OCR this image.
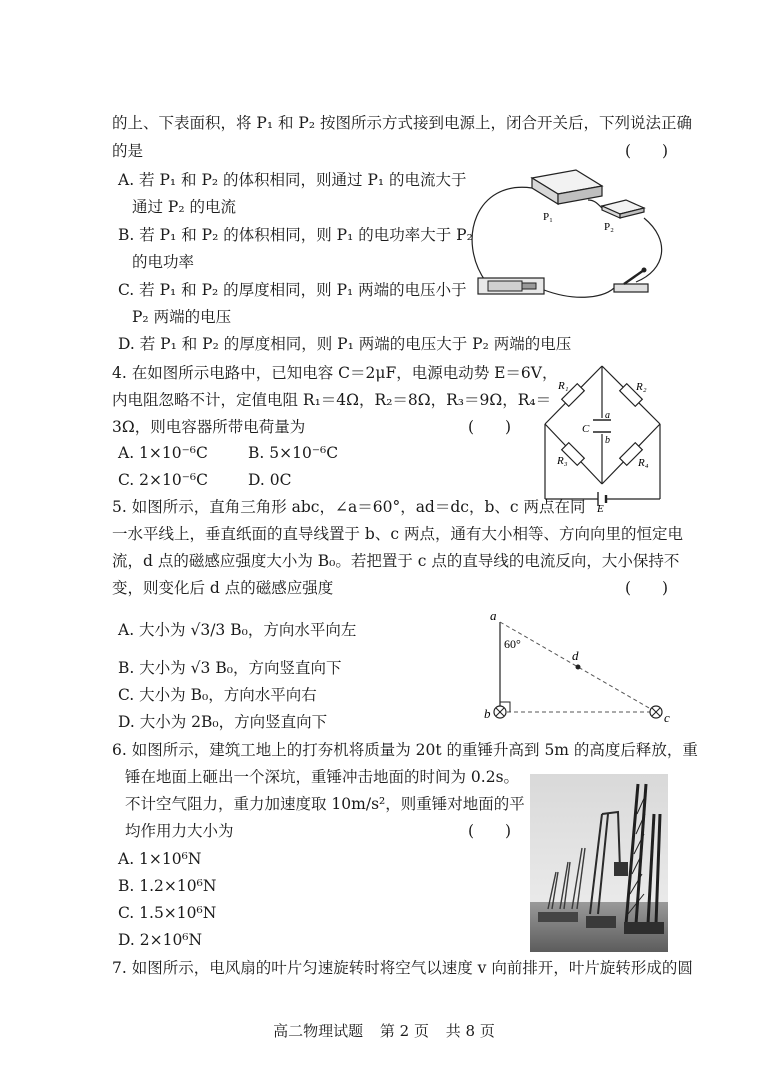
的上、下表面积，将 P₁ 和 P₂ 按图所示方式接到电源上，闭合开关后，下列说法正确
的是	(　　)
A. 若 P₁ 和 P₂ 的体积相同，则通过 P₁ 的电流大于
通过 P₂ 的电流
B. 若 P₁ 和 P₂ 的体积相同，则 P₁ 的电功率大于 P₂
的电功率
C. 若 P₁ 和 P₂ 的厚度相同，则 P₁ 两端的电压小于
P₂ 两端的电压
D. 若 P₁ 和 P₂ 的厚度相同，则 P₁ 两端的电压大于 P₂ 两端的电压
P₁
P₂
4. 在如图所示电路中，已知电容 C＝2μF，电源电动势 E＝6V，
内电阻忽略不计，定值电阻 R₁＝4Ω，R₂＝8Ω，R₃＝9Ω，R₄＝
3Ω，则电容器所带电荷量为	(　　)
A. 1×10⁻⁶C	B. 5×10⁻⁶C
C. 2×10⁻⁶C	D. 0C
R₁	R₂
R₃	R₄
C
a
b
E
5. 如图所示，直角三角形 abc，∠a＝60°，ad＝dc，b、c 两点在同
一水平线上，垂直纸面的直导线置于 b、c 两点，通有大小相等、方向向里的恒定电
流，d 点的磁感应强度大小为 B₀。若把置于 c 点的直导线的电流反向，大小保持不
变，则变化后 d 点的磁感应强度	(　　)
A. 大小为 √3/3 B₀，方向水平向左
B. 大小为 √3 B₀，方向竖直向下
C. 大小为 B₀，方向水平向右
D. 大小为 2B₀，方向竖直向下
a
60°
d
b	c
6. 如图所示，建筑工地上的打夯机将质量为 20t 的重锤升高到 5m 的高度后释放，重
锤在地面上砸出一个深坑，重锤冲击地面的时间为 0.2s。
不计空气阻力，重力加速度取 10m/s²，则重锤对地面的平
均作用力大小为	(　　)
A. 1×10⁶N
B. 1.2×10⁶N
C. 1.5×10⁶N
D. 2×10⁶N
7. 如图所示，电风扇的叶片匀速旋转时将空气以速度 v 向前排开，叶片旋转形成的圆
高二物理试题 第 2 页 共 8 页
